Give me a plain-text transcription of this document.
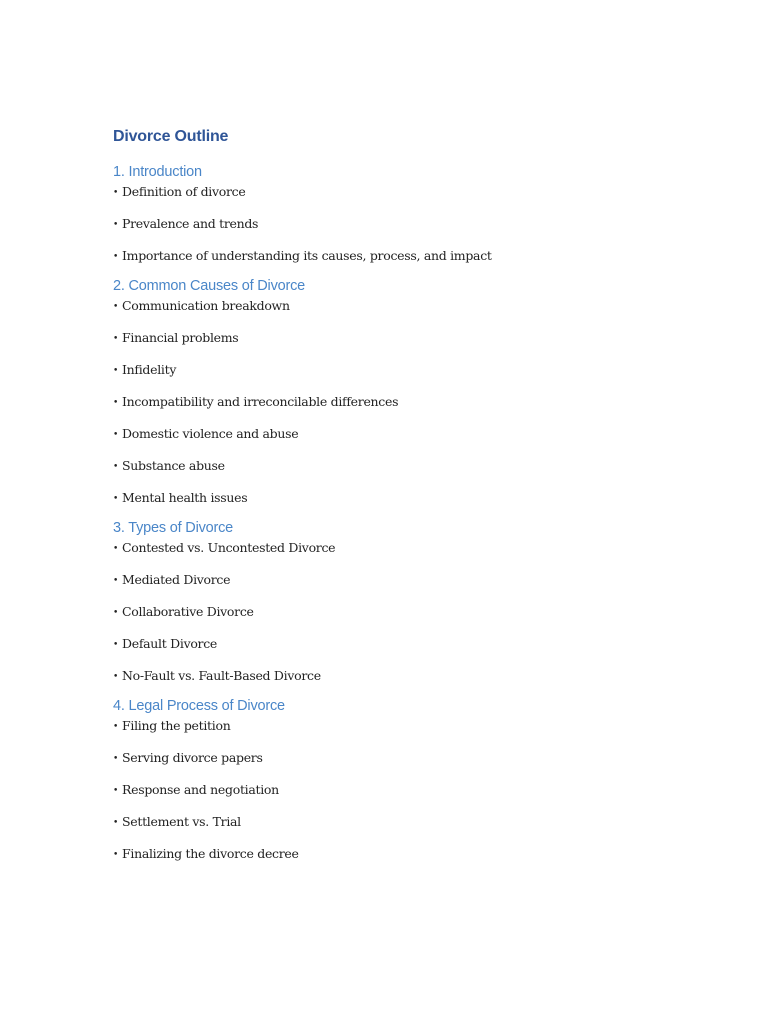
Divorce Outline
1. Introduction
• Definition of divorce
• Prevalence and trends
• Importance of understanding its causes, process, and impact
2. Common Causes of Divorce
• Communication breakdown
• Financial problems
• Infidelity
• Incompatibility and irreconcilable differences
• Domestic violence and abuse
• Substance abuse
• Mental health issues
3. Types of Divorce
• Contested vs. Uncontested Divorce
• Mediated Divorce
• Collaborative Divorce
• Default Divorce
• No-Fault vs. Fault-Based Divorce
4. Legal Process of Divorce
• Filing the petition
• Serving divorce papers
• Response and negotiation
• Settlement vs. Trial
• Finalizing the divorce decree
